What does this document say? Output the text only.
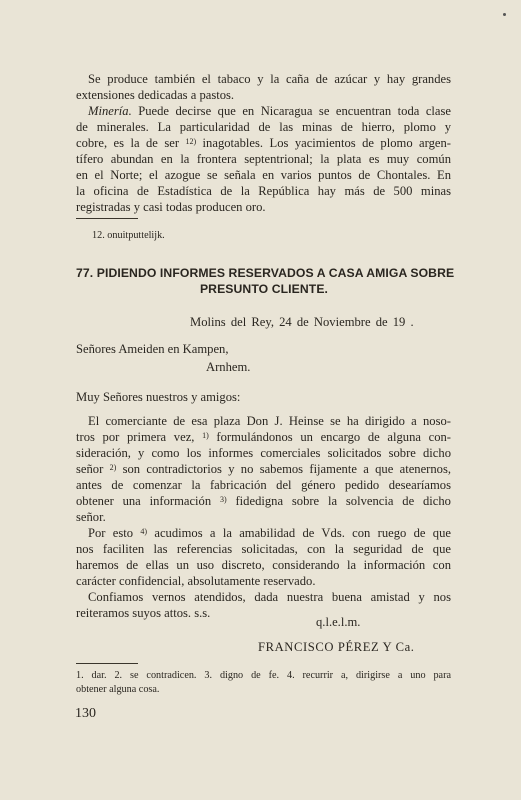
Se produce también el tabaco y la caña de azúcar y hay grandes
extensiones dedicadas a pastos.
Minería. Puede decirse que en Nicaragua se encuentran toda clase
de minerales. La particularidad de las minas de hierro, plomo y
cobre, es la de ser $^{12)}$ inagotables. Los yacimientos de plomo argen-
tífero abundan en la frontera septentrional; la plata es muy común
en el Norte; el azogue se señala en varios puntos de Chontales. En
la oficina de Estadística de la República hay más de 500 minas
registradas y casi todas producen oro.
12. onuitputtelijk.
77. PIDIENDO INFORMES RESERVADOS A CASA AMIGA SOBRE
PRESUNTO CLIENTE.
Molins del Rey, 24 de Noviembre de 19 .
Señores Ameiden en Kampen,
Arnhem.
Muy Señores nuestros y amigos:
El comerciante de esa plaza Don J. Heinse se ha dirigido a noso-
tros por primera vez, $^{1)}$ formulándonos un encargo de alguna con-
sideración, y como los informes comerciales solicitados sobre dicho
señor $^{2)}$ son contradictorios y no sabemos fijamente a que atenernos,
antes de comenzar la fabricación del género pedido desearíamos
obtener una información $^{3)}$ fidedigna sobre la solvencia de dicho
señor.
Por esto $^{4)}$ acudimos a la amabilidad de Vds. con ruego de que
nos faciliten las referencias solicitadas, con la seguridad de que
haremos de ellas un uso discreto, considerando la información con
carácter confidencial, absolutamente reservado.
Confiamos vernos atendidos, dada nuestra buena amistad y nos
reiteramos suyos attos. s.s.
q.l.e.l.m.
FRANCISCO PÉREZ Y Ca.
1. dar. 2. se contradicen. 3. digno de fe. 4. recurrir a, dirigirse a uno para
obtener alguna cosa.
130
